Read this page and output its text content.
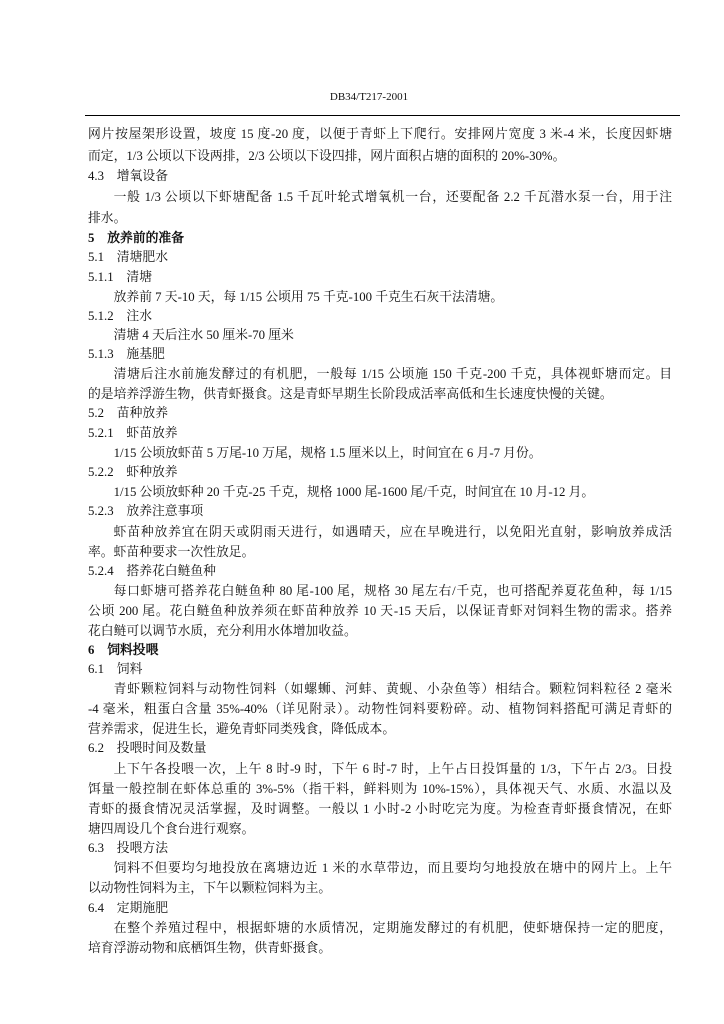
DB34/T217-2001
网片按屋架形设置，坡度 15 度-20 度，以便于青虾上下爬行。安排网片宽度 3 米-4 米，长度因虾塘
而定，1/3 公顷以下设两排，2/3 公顷以下设四排，网片面积占塘的面积的 20%-30%。
4.3 增氧设备
一般 1/3 公顷以下虾塘配备 1.5 千瓦叶轮式增氧机一台，还要配备 2.2 千瓦潜水泵一台，用于注
排水。
5 放养前的准备
5.1 清塘肥水
5.1.1 清塘
放养前 7 天-10 天，每 1/15 公顷用 75 千克-100 千克生石灰干法清塘。
5.1.2 注水
清塘 4 天后注水 50 厘米-70 厘米
5.1.3 施基肥
清塘后注水前施发酵过的有机肥，一般每 1/15 公顷施 150 千克-200 千克，具体视虾塘而定。目
的是培养浮游生物，供青虾摄食。这是青虾早期生长阶段成活率高低和生长速度快慢的关键。
5.2 苗种放养
5.2.1 虾苗放养
1/15 公顷放虾苗 5 万尾-10 万尾，规格 1.5 厘米以上，时间宜在 6 月-7 月份。
5.2.2 虾种放养
1/15 公顷放虾种 20 千克-25 千克，规格 1000 尾-1600 尾/千克，时间宜在 10 月-12 月。
5.2.3 放养注意事项
虾苗种放养宜在阴天或阴雨天进行，如遇晴天，应在早晚进行，以免阳光直射，影响放养成活
率。虾苗种要求一次性放足。
5.2.4 搭养花白鲢鱼种
每口虾塘可搭养花白鲢鱼种 80 尾-100 尾，规格 30 尾左右/千克，也可搭配养夏花鱼种，每 1/15
公顷 200 尾。花白鲢鱼种放养须在虾苗种放养 10 天-15 天后，以保证青虾对饲料生物的需求。搭养
花白鲢可以调节水质，充分利用水体增加收益。
6 饲料投喂
6.1 饲料
青虾颗粒饲料与动物性饲料（如螺蛳、河蚌、黄蚬、小杂鱼等）相结合。颗粒饲料粒径 2 毫米
-4 毫米，粗蛋白含量 35%-40%（详见附录）。动物性饲料要粉碎。动、植物饲料搭配可满足青虾的
营养需求，促进生长，避免青虾同类残食，降低成本。
6.2 投喂时间及数量
上下午各投喂一次，上午 8 时-9 时，下午 6 时-7 时，上午占日投饵量的 1/3，下午占 2/3。日投
饵量一般控制在虾体总重的 3%-5%（指干料，鲜料则为 10%-15%），具体视天气、水质、水温以及
青虾的摄食情况灵活掌握，及时调整。一般以 1 小时-2 小时吃完为度。为检查青虾摄食情况，在虾
塘四周设几个食台进行观察。
6.3 投喂方法
饲料不但要均匀地投放在离塘边近 1 米的水草带边，而且要均匀地投放在塘中的网片上。上午
以动物性饲料为主，下午以颗粒饲料为主。
6.4 定期施肥
在整个养殖过程中，根据虾塘的水质情况，定期施发酵过的有机肥，使虾塘保持一定的肥度，
培育浮游动物和底栖饵生物，供青虾摄食。
